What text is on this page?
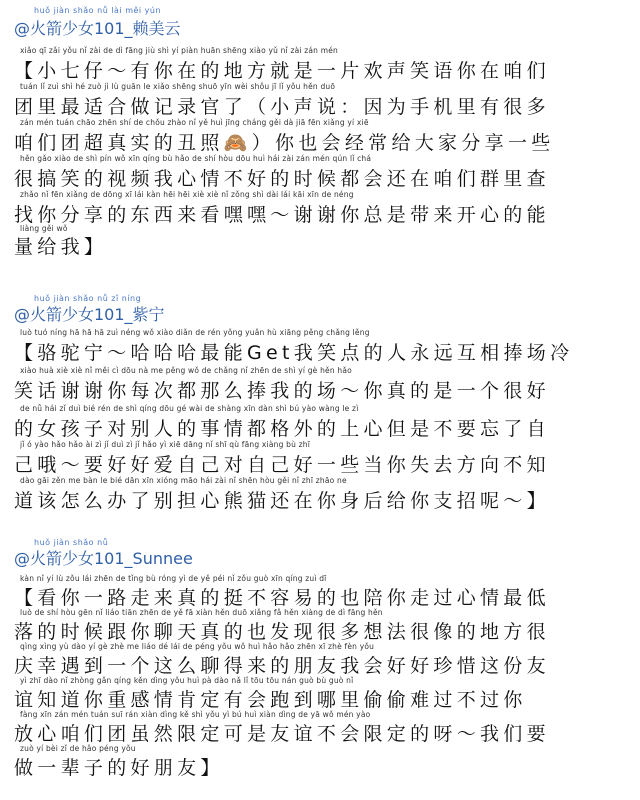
huǒ jiàn shǎo nǚ lài měi yún
@火箭少女101_赖美云
xiǎo qī zǎi yǒu nǐ zài de dì fāng jiù shì yí piàn huān shēng xiào yǔ nǐ zài zán mén
【小七仔～有你在的地方就是一片欢声笑语你在咱们
tuán lǐ zuì shì hé zuò jì lù guān le xiǎo shēng shuō yīn wèi shǒu jī lǐ yǒu hěn duō
团里最适合做记录官了（小声说：因为手机里有很多
zán mén tuán chāo zhēn shí de chǒu zhào nǐ yě huì jīng cháng gěi dà jiā fēn xiǎng yí xiē
咱们团超真实的丑照🙈）你也会经常给大家分享一些
hěn gǎo xiào de shì pín wǒ xīn qíng bù hǎo de shí hòu dōu huì hái zài zán mén qún lǐ chá
很搞笑的视频我心情不好的时候都会还在咱们群里查
zhǎo nǐ fēn xiǎng de dōng xī lái kàn hēi hēi xiè xiè nǐ zǒng shì dài lái kāi xīn de néng
找你分享的东西来看嘿嘿～谢谢你总是带来开心的能
liàng gěi wǒ
量给我】
huǒ jiàn shǎo nǚ zǐ níng
@火箭少女101_紫宁
luò tuó níng hā hā hā zuì néng wǒ xiào diǎn de rén yǒng yuǎn hù xiāng pěng chǎng lěng
【骆驼宁～哈哈哈最能Get我笑点的人永远互相捧场冷
xiào huà xiè xiè nǐ měi cì dōu nà me pěng wǒ de chǎng nǐ zhēn de shì yí gè hěn hǎo
笑话谢谢你每次都那么捧我的场～你真的是一个很好
de nǚ hái zǐ duì bié rén de shì qíng dōu gé wài de shàng xīn dàn shì bú yào wàng le zì
的女孩子对别人的事情都格外的上心但是不要忘了自
jǐ ó yào hǎo hǎo ài zì jǐ duì zì jǐ hǎo yì xiē dāng nǐ shī qù fāng xiàng bù zhī
己哦～要好好爱自己对自己好一些当你失去方向不知
dào gāi zěn me bàn le bié dān xīn xióng māo hái zài nǐ shēn hòu gěi nǐ zhī zhāo ne
道该怎么办了别担心熊猫还在你身后给你支招呢～】
huǒ jiàn shǎo nǚ
@火箭少女101_Sunnee
kàn nǐ yí lù zǒu lái zhēn de tǐng bù róng yì de yě péi nǐ zǒu guò xīn qíng zuì dī
【看你一路走来真的挺不容易的也陪你走过心情最低
luò de shí hòu gēn nǐ liáo tiān zhēn de yě fā xiàn hěn duō xiǎng fǎ hěn xiàng de dì fāng hěn
落的时候跟你聊天真的也发现很多想法很像的地方很
qìng xìng yù dào yí gè zhè me liáo dé lái de péng yǒu wǒ huì hǎo hǎo zhēn xī zhè fèn yǒu
庆幸遇到一个这么聊得来的朋友我会好好珍惜这份友
yì zhī dào nǐ zhòng gǎn qíng kěn dìng yǒu huì pà dào nǎ lǐ tōu tōu nán guò bù guò nǐ
谊知道你重感情肯定有会跑到哪里偷偷难过不过你
fàng xīn zán mén tuán suī rán xiàn dìng kě shì yǒu yì bú huì xiàn dìng de yā wǒ mén yào
放心咱们团虽然限定可是友谊不会限定的呀～我们要
zuò yí bèi zǐ de hǎo péng yǒu
做一辈子的好朋友】
